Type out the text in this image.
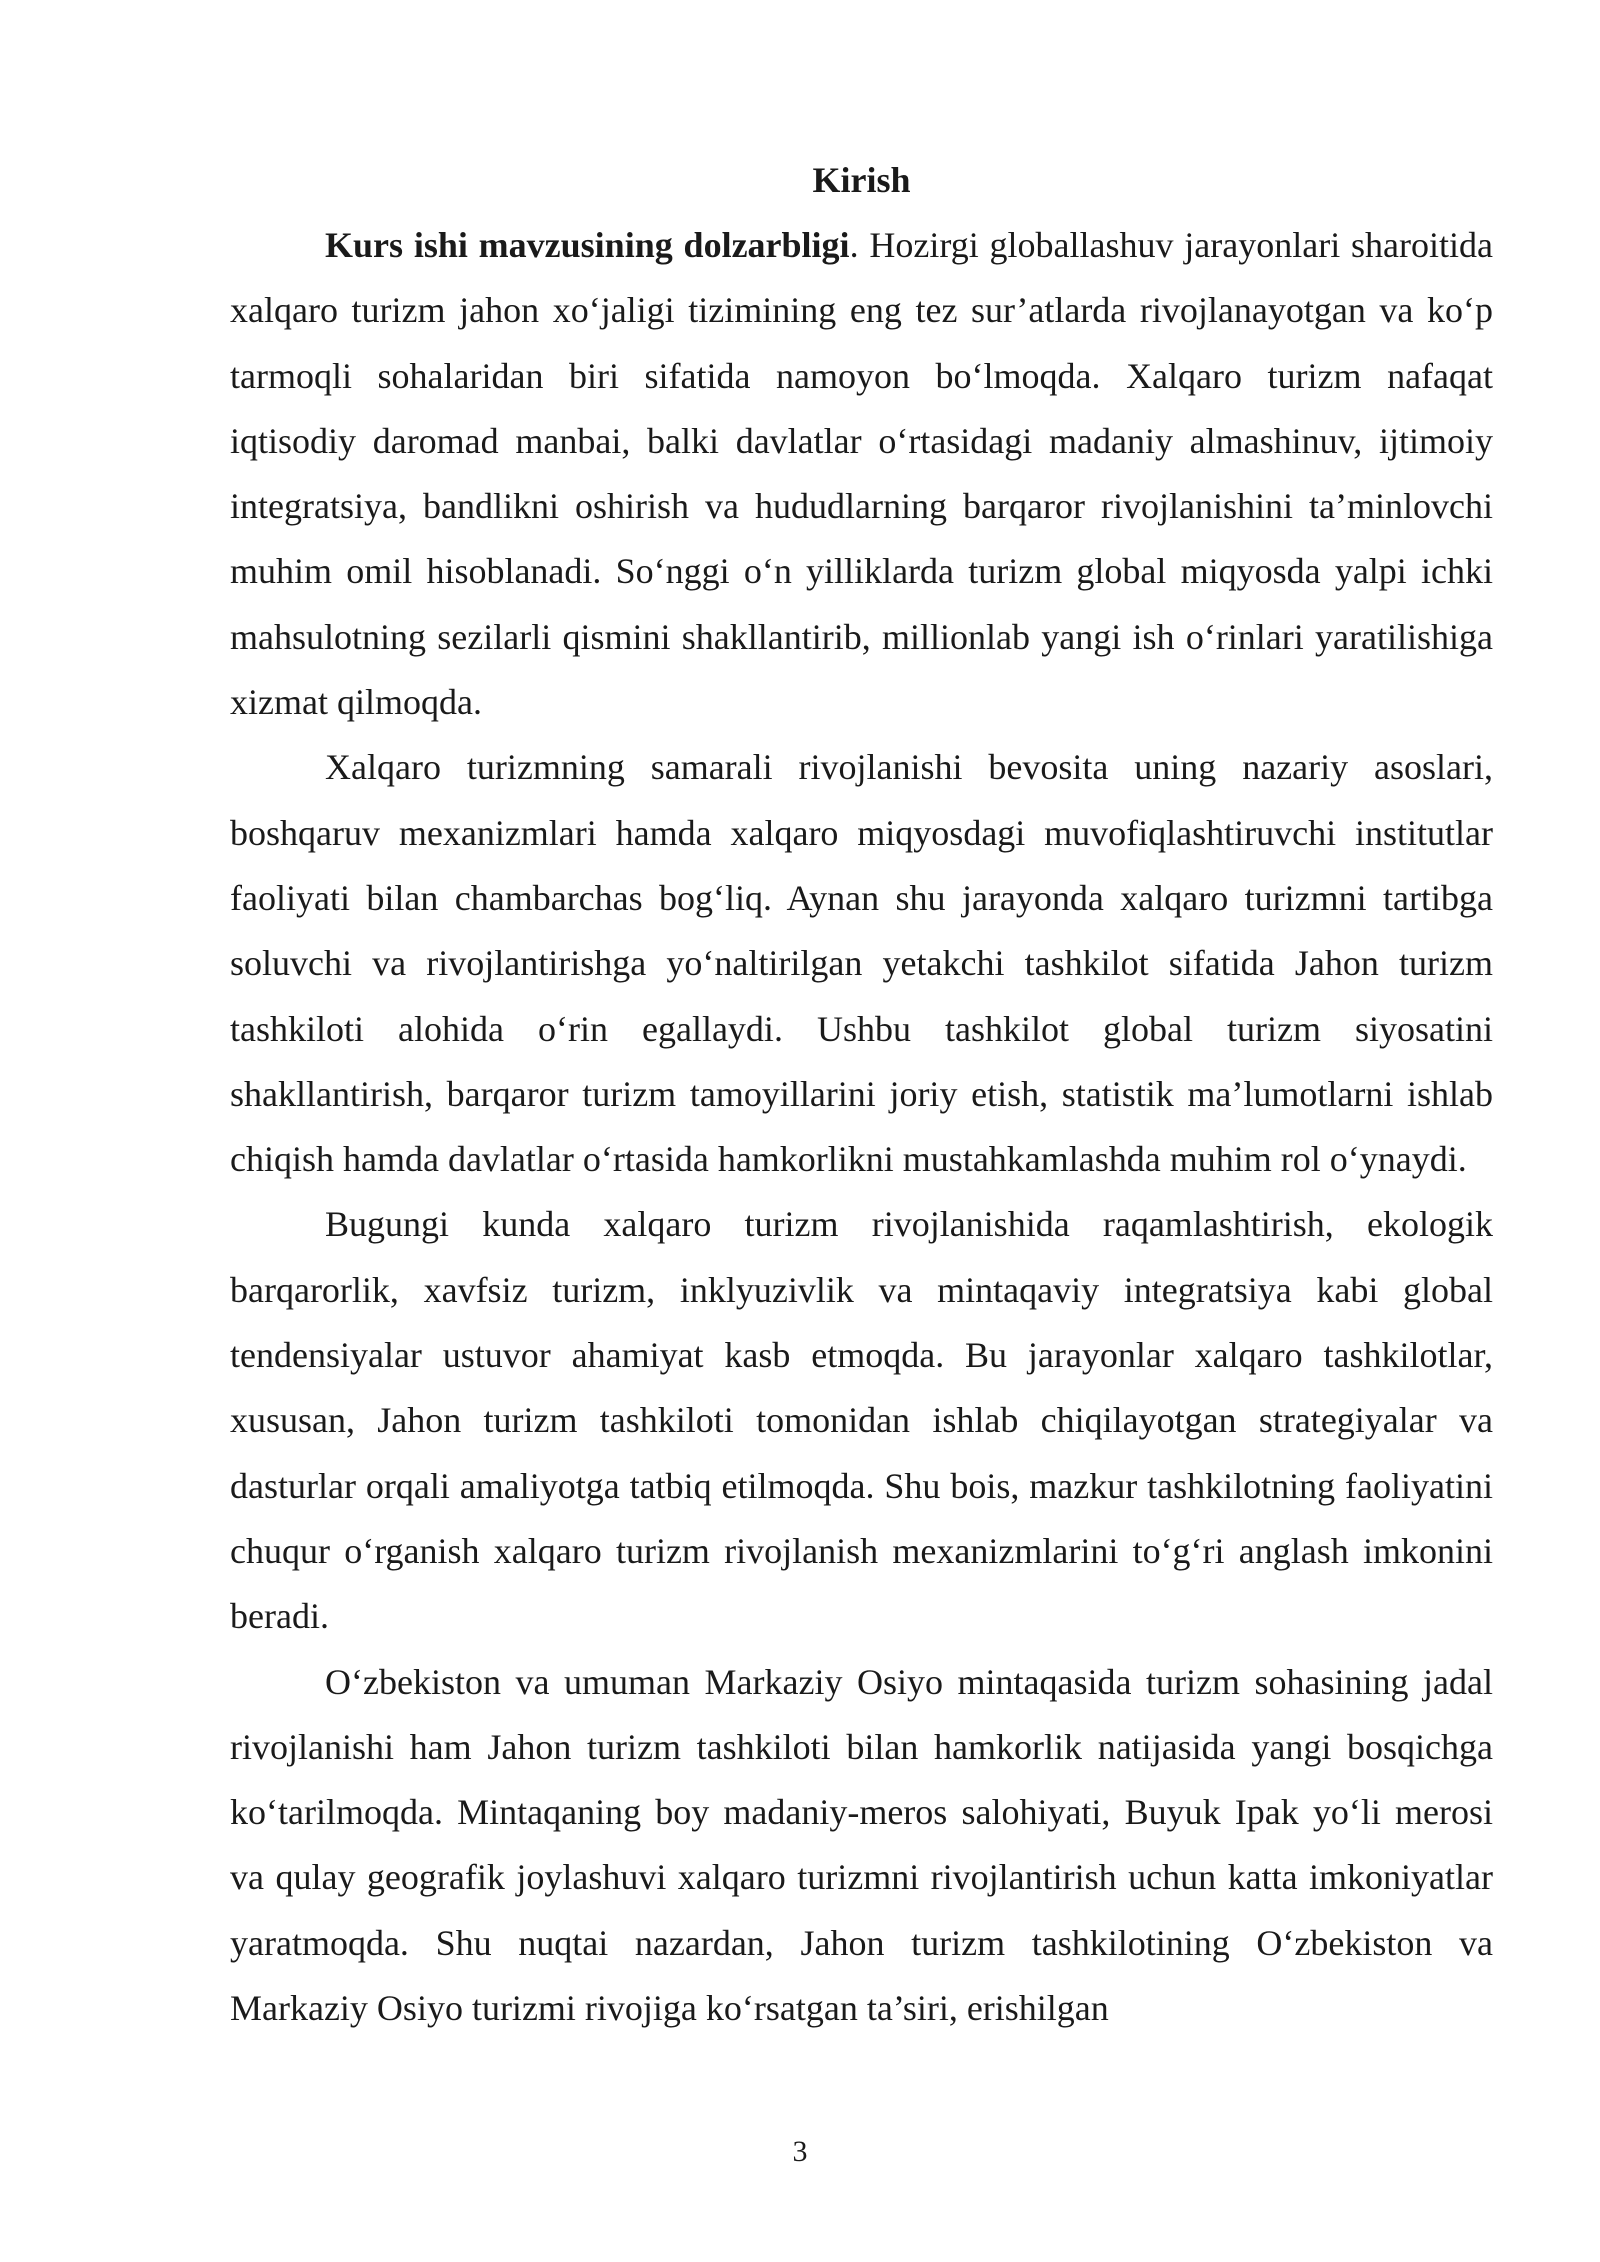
Kirish

Kurs ishi mavzusining dolzarbligi. Hozirgi globallashuv jarayonlari sharoitida xalqaro turizm jahon xo‘jaligi tizimining eng tez sur’atlarda rivojlanayotgan va ko‘p tarmoqli sohalaridan biri sifatida namoyon bo‘lmoqda. Xalqaro turizm nafaqat iqtisodiy daromad manbai, balki davlatlar o‘rtasidagi madaniy almashinuv, ijtimoiy integratsiya, bandlikni oshirish va hududlarning barqaror rivojlanishini ta’minlovchi muhim omil hisoblanadi. So‘nggi o‘n yilliklarda turizm global miqyosda yalpi ichki mahsulotning sezilarli qismini shakllantirib, millionlab yangi ish o‘rinlari yaratilishiga xizmat qilmoqda.

Xalqaro turizmning samarali rivojlanishi bevosita uning nazariy asoslari, boshqaruv mexanizmlari hamda xalqaro miqyosdagi muvofiqlashtiruvchi institutlar faoliyati bilan chambarchas bog‘liq. Aynan shu jarayonda xalqaro turizmni tartibga soluvchi va rivojlantirishga yo‘naltirilgan yetakchi tashkilot sifatida Jahon turizm tashkiloti alohida o‘rin egallaydi. Ushbu tashkilot global turizm siyosatini shakllantirish, barqaror turizm tamoyillarini joriy etish, statistik ma’lumotlarni ishlab chiqish hamda davlatlar o‘rtasida hamkorlikni mustahkamlashda muhim rol o‘ynaydi.

Bugungi kunda xalqaro turizm rivojlanishida raqamlashtirish, ekologik barqarorlik, xavfsiz turizm, inklyuzivlik va mintaqaviy integratsiya kabi global tendensiyalar ustuvor ahamiyat kasb etmoqda. Bu jarayonlar xalqaro tashkilotlar, xususan, Jahon turizm tashkiloti tomonidan ishlab chiqilayotgan strategiyalar va dasturlar orqali amaliyotga tatbiq etilmoqda. Shu bois, mazkur tashkilotning faoliyatini chuqur o‘rganish xalqaro turizm rivojlanish mexanizmlarini to‘g‘ri anglash imkonini beradi.

O‘zbekiston va umuman Markaziy Osiyo mintaqasida turizm sohasining jadal rivojlanishi ham Jahon turizm tashkiloti bilan hamkorlik natijasida yangi bosqichga ko‘tarilmoqda. Mintaqaning boy madaniy-meros salohiyati, Buyuk Ipak yo‘li merosi va qulay geografik joylashuvi xalqaro turizmni rivojlantirish uchun katta imkoniyatlar yaratmoqda. Shu nuqtai nazardan, Jahon turizm tashkilotining O‘zbekiston va Markaziy Osiyo turizmi rivojiga ko‘rsatgan ta’siri, erishilgan

3
